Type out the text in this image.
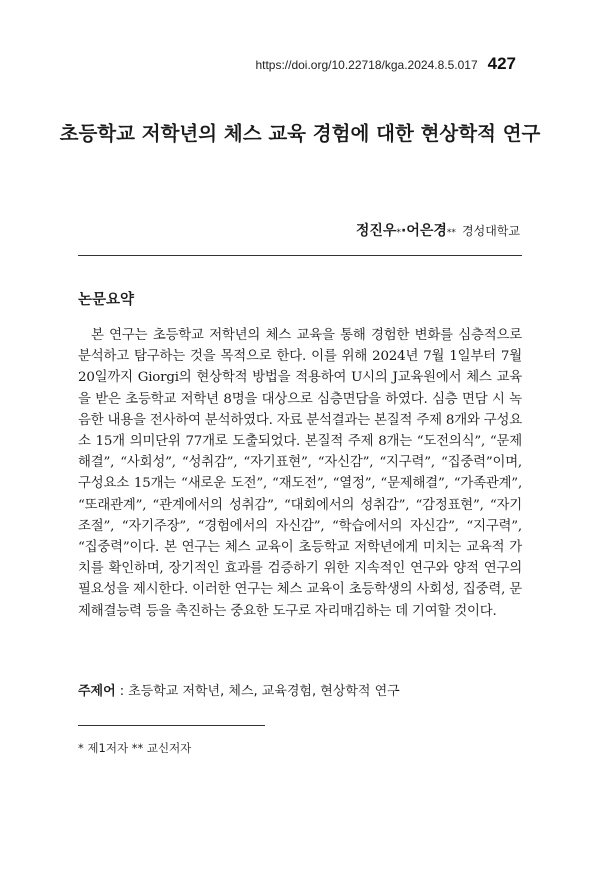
https://doi.org/10.22718/kga.2024.8.5.017 427
초등학교 저학년의 체스 교육 경험에 대한 현상학적 연구
정진우*·어은경** 경성대학교
논문요약

본 연구는 초등학교 저학년의 체스 교육을 통해 경험한 변화를 심층적으로 분석하고 탐구하는 것을 목적으로 한다. 이를 위해 2024년 7월 1일부터 7월 20일까지 Giorgi의 현상학적 방법을 적용하여 U시의 J교육원에서 체스 교육을 받은 초등학교 저학년 8명을 대상으로 심층면담을 하였다. 심층 면담 시 녹음한 내용을 전사하여 분석하였다. 자료 분석결과는 본질적 주제 8개와 구성요소 15개 의미단위 77개로 도출되었다. 본질적 주제 8개는 “도전의식”, “문제해결”, “사회성”, “성취감”, “자기표현”, “자신감”, “지구력”, “집중력”이며, 구성요소 15개는 “새로운 도전”, “재도전”, “열정”, “문제해결”, “가족관계”, “또래관계”, “관계에서의 성취감”, “대회에서의 성취감”, “감정표현”, “자기조절”, “자기주장”, “경험에서의 자신감”, “학습에서의 자신감”, “지구력”, “집중력”이다. 본 연구는 체스 교육이 초등학교 저학년에게 미치는 교육적 가치를 확인하며, 장기적인 효과를 검증하기 위한 지속적인 연구와 양적 연구의 필요성을 제시한다. 이러한 연구는 체스 교육이 초등학생의 사회성, 집중력, 문제해결능력 등을 촉진하는 중요한 도구로 자리매김하는 데 기여할 것이다.

주제어 : 초등학교 저학년, 체스, 교육경험, 현상학적 연구
* 제1저자 ** 교신저자
